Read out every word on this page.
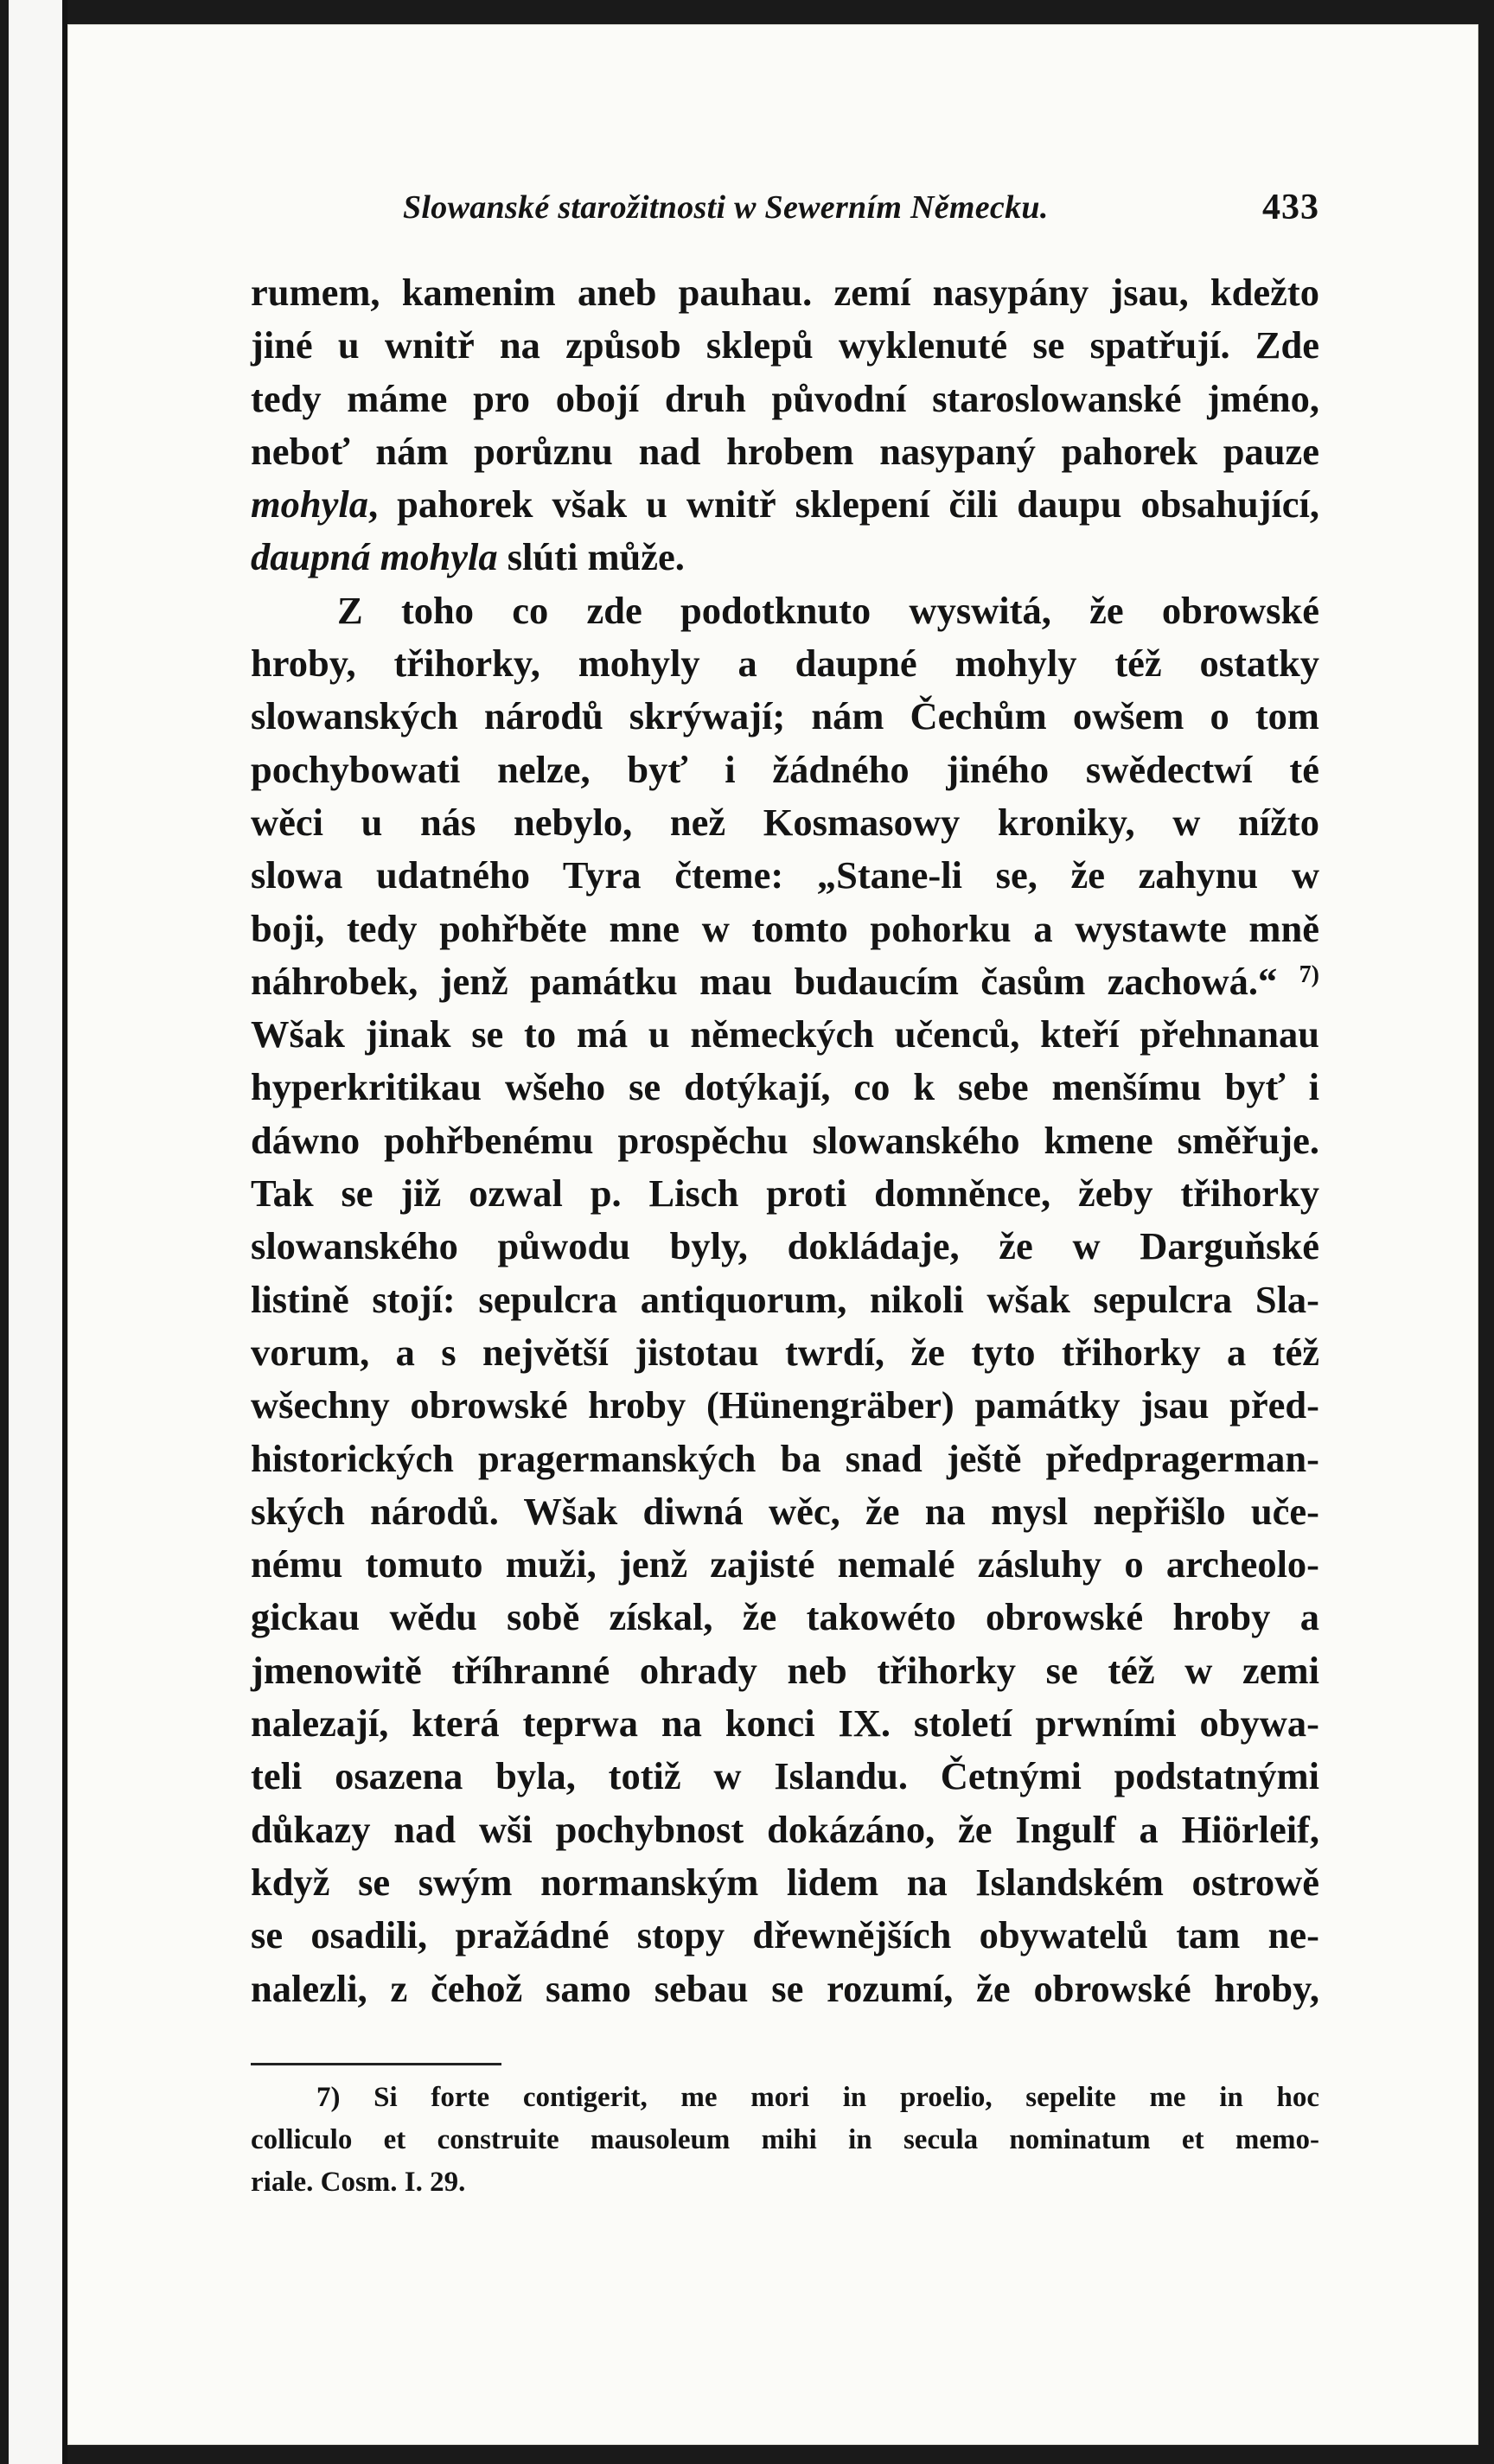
Slowanské starožitnosti w Sewerním Německu.	433
rumem, kamenim aneb pauhau. zemí nasypány jsau, kdežto
jiné u wnitř na způsob sklepů wyklenuté se spatřují. Zde
tedy máme pro obojí druh původní staroslowanské jméno,
neboť nám porůznu nad hrobem nasypaný pahorek pauze
mohyla, pahorek však u wnitř sklepení čili daupu obsahující,
daupná mohyla slúti může.
Z toho co zde podotknuto wyswitá, že obrowské
hroby, třihorky, mohyly a daupné mohyly též ostatky
slowanských národů skrýwají; nám Čechům owšem o tom
pochybowati nelze, byť i žádného jiného swědectwí té
wěci u nás nebylo, než Kosmasowy kroniky, w nížto
slowa udatného Tyra čteme: „Stane-li se, že zahynu w
boji, tedy pohřběte mne w tomto pohorku a wystawte mně
náhrobek, jenž památku mau budaucím časům zachowá.“ $^{7)}$
Wšak jinak se to má u německých učenců, kteří přehnanau
hyperkritikau wšeho se dotýkají, co k sebe menšímu byť i
dáwno pohřbenému prospěchu slowanského kmene směřuje.
Tak se již ozwal p. Lisch proti domněnce, žeby třihorky
slowanského půwodu byly, dokládaje, že w Darguňské
listině stojí: sepulcra antiquorum, nikoli wšak sepulcra Sla-
vorum, a s největší jistotau twrdí, že tyto třihorky a též
wšechny obrowské hroby (Hünengräber) památky jsau před-
historických pragermanských ba snad ještě předpragerman-
ských národů. Wšak diwná wěc, že na mysl nepřišlo uče-
nému tomuto muži, jenž zajisté nemalé zásluhy o archeolo-
gickau wědu sobě získal, že takowéto obrowské hroby a
jmenowitě tříhranné ohrady neb třihorky se též w zemi
nalezají, která teprwa na konci IX. století prwními obywa-
teli osazena byla, totiž w Islandu. Četnými podstatnými
důkazy nad wši pochybnost dokázáno, že Ingulf a Hiörleif,
když se swým normanským lidem na Islandském ostrowě
se osadili, pražádné stopy dřewnějších obywatelů tam ne-
nalezli, z čehož samo sebau se rozumí, že obrowské hroby,
7) Si forte contigerit, me mori in proelio, sepelite me in hoc
colliculo et construite mausoleum mihi in secula nominatum et memo-
riale. Cosm. I. 29.
